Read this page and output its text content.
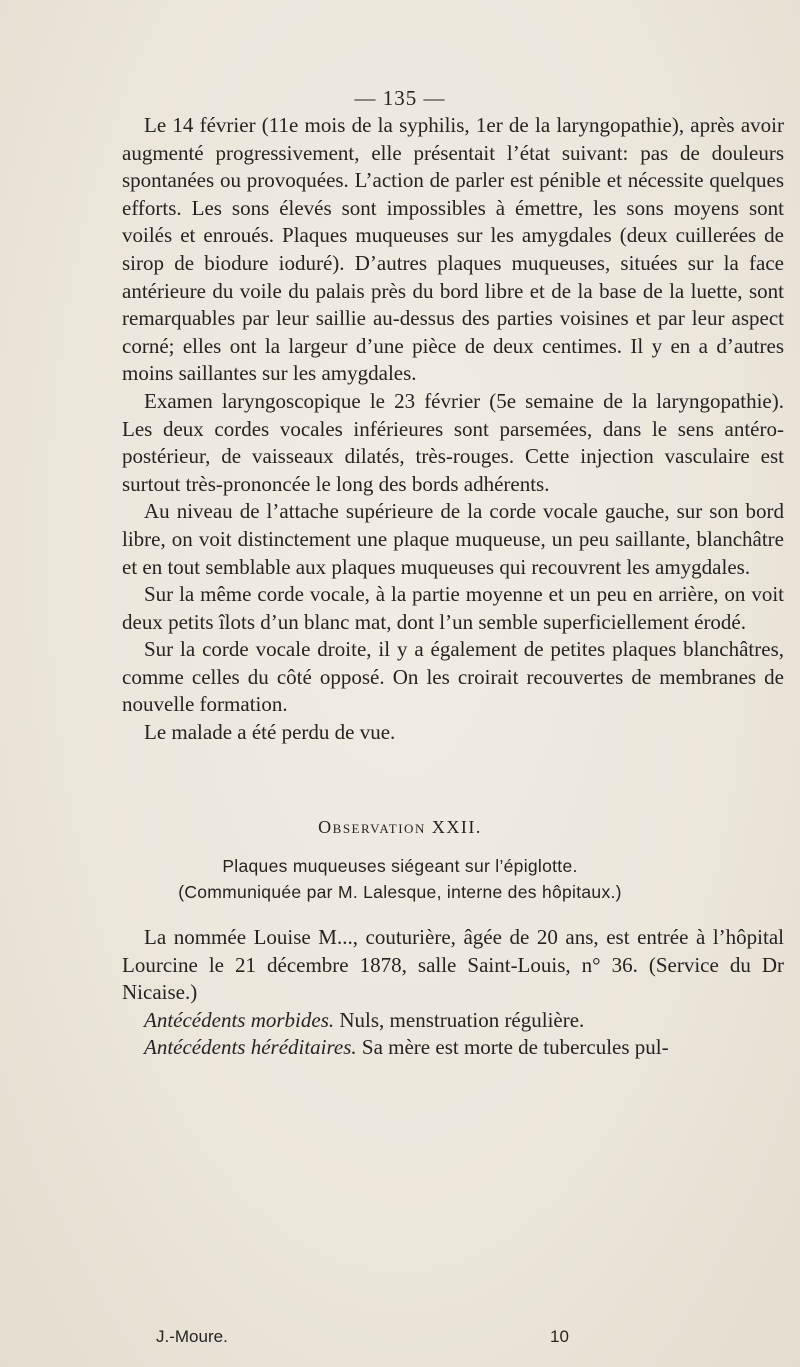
— 135 —

Le 14 février (11e mois de la syphilis, 1er de la laryngopathie), après avoir augmenté progressivement, elle présentait l’état suivant: pas de douleurs spontanées ou provoquées. L’action de parler est pénible et nécessite quelques efforts. Les sons élevés sont impossibles à émettre, les sons moyens sont voilés et enroués. Plaques muqueuses sur les amygdales (deux cuillerées de sirop de biodure ioduré). D’autres plaques muqueuses, situées sur la face antérieure du voile du palais près du bord libre et de la base de la luette, sont remarquables par leur saillie au-dessus des parties voisines et par leur aspect corné; elles ont la largeur d’une pièce de deux centimes. Il y en a d’autres moins saillantes sur les amygdales.

Examen laryngoscopique le 23 février (5e semaine de la laryngopathie). Les deux cordes vocales inférieures sont parsemées, dans le sens antéro-postérieur, de vaisseaux dilatés, très-rouges. Cette injection vasculaire est surtout très-prononcée le long des bords adhérents.

Au niveau de l’attache supérieure de la corde vocale gauche, sur son bord libre, on voit distinctement une plaque muqueuse, un peu saillante, blanchâtre et en tout semblable aux plaques muqueuses qui recouvrent les amygdales.

Sur la même corde vocale, à la partie moyenne et un peu en arrière, on voit deux petits îlots d’un blanc mat, dont l’un semble superficiellement érodé.

Sur la corde vocale droite, il y a également de petites plaques blanchâtres, comme celles du côté opposé. On les croirait recouvertes de membranes de nouvelle formation.

Le malade a été perdu de vue.

Observation XXII.
Plaques muqueuses siégeant sur l’épiglotte.
(Communiquée par M. Lalesque, interne des hôpitaux.)

La nommée Louise M..., couturière, âgée de 20 ans, est entrée à l’hôpital Lourcine le 21 décembre 1878, salle Saint-Louis, n° 36. (Service du Dr Nicaise.)

Antécédents morbides. Nuls, menstruation régulière.

Antécédents héréditaires. Sa mère est morte de tubercules pul-

J.-Moure.	10
